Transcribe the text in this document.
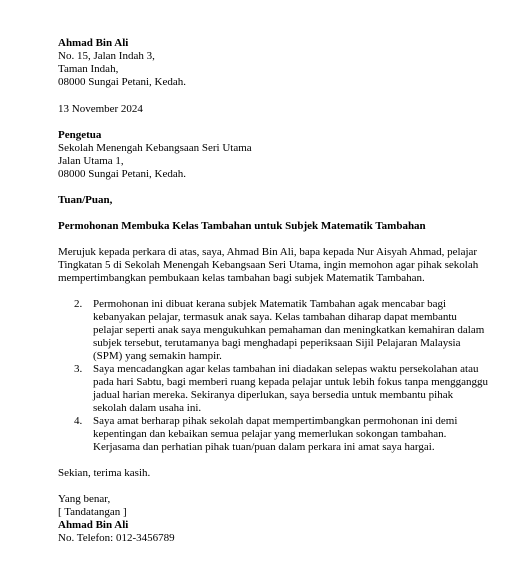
Ahmad Bin Ali
No. 15, Jalan Indah 3,
Taman Indah,
08000 Sungai Petani, Kedah.
13 November 2024
Pengetua
Sekolah Menengah Kebangsaan Seri Utama
Jalan Utama 1,
08000 Sungai Petani, Kedah.
Tuan/Puan,
Permohonan Membuka Kelas Tambahan untuk Subjek Matematik Tambahan
Merujuk kepada perkara di atas, saya, Ahmad Bin Ali, bapa kepada Nur Aisyah Ahmad, pelajar
Tingkatan 5 di Sekolah Menengah Kebangsaan Seri Utama, ingin memohon agar pihak sekolah
mempertimbangkan pembukaan kelas tambahan bagi subjek Matematik Tambahan.
2. Permohonan ini dibuat kerana subjek Matematik Tambahan agak mencabar bagi
kebanyakan pelajar, termasuk anak saya. Kelas tambahan diharap dapat membantu
pelajar seperti anak saya mengukuhkan pemahaman dan meningkatkan kemahiran dalam
subjek tersebut, terutamanya bagi menghadapi peperiksaan Sijil Pelajaran Malaysia
(SPM) yang semakin hampir.
3. Saya mencadangkan agar kelas tambahan ini diadakan selepas waktu persekolahan atau
pada hari Sabtu, bagi memberi ruang kepada pelajar untuk lebih fokus tanpa mengganggu
jadual harian mereka. Sekiranya diperlukan, saya bersedia untuk membantu pihak
sekolah dalam usaha ini.
4. Saya amat berharap pihak sekolah dapat mempertimbangkan permohonan ini demi
kepentingan dan kebaikan semua pelajar yang memerlukan sokongan tambahan.
Kerjasama dan perhatian pihak tuan/puan dalam perkara ini amat saya hargai.
Sekian, terima kasih.
Yang benar,
[ Tandatangan ]
Ahmad Bin Ali
No. Telefon: 012-3456789
